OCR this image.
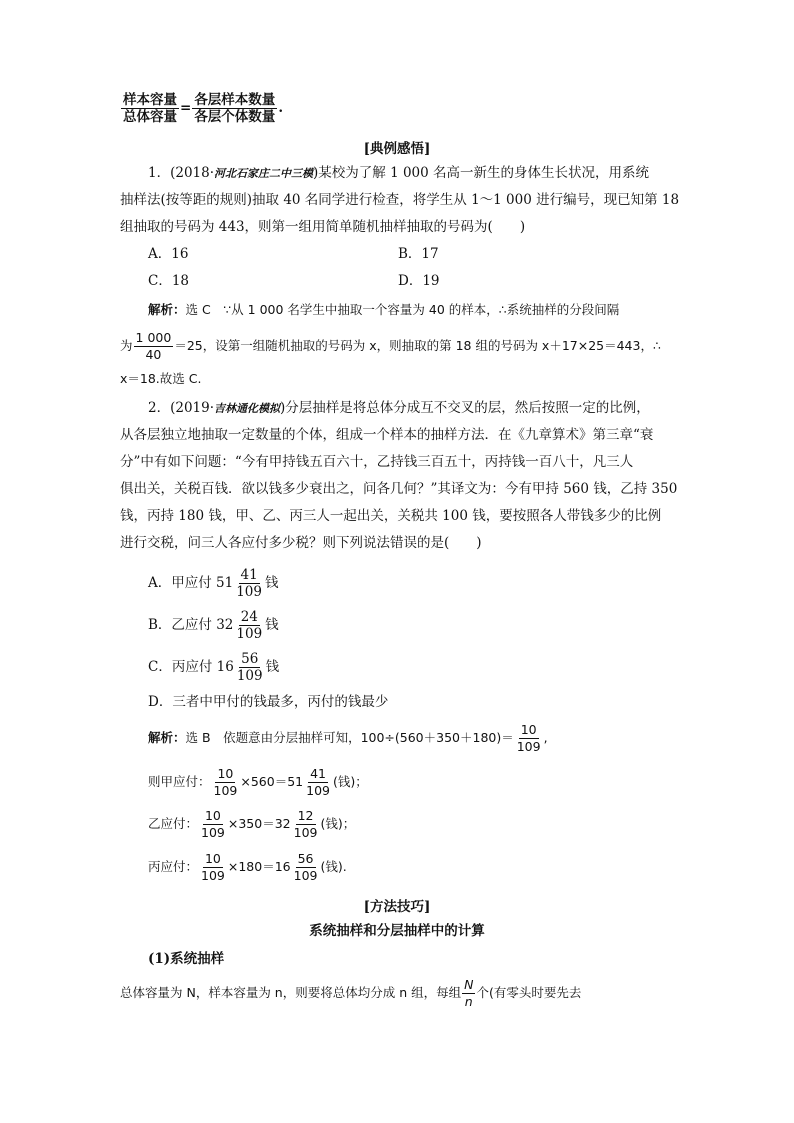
$\frac{\text{样本容量}}{\text{总体容量}} = \frac{\text{各层样本数量}}{\text{各层个体数量}}$ .
[典例感悟]
1．(2018·河北石家庄二中三模)某校为了解 1 000 名高一新生的身体生长状况，用系统
抽样法(按等距的规则)抽取 40 名同学进行检查，将学生从 1～1 000 进行编号，现已知第 18
组抽取的号码为 443，则第一组用简单随机抽样抽取的号码为(　　)
A．16	B．17
C．18	D．19
解析：选 C　∵从 1 000 名学生中抽取一个容量为 40 的样本，∴系统抽样的分段间隔
为 $\frac{1 000}{40} =25$，设第一组随机抽取的号码为 x，则抽取的第 18 组的号码为 x＋17×25＝443，∴
x＝18.故选 C.
2．(2019·吉林通化模拟)分层抽样是将总体分成互不交叉的层，然后按照一定的比例，
从各层独立地抽取一定数量的个体，组成一个样本的抽样方法．在《九章算术》第三章“衰
分”中有如下问题：“今有甲持钱五百六十，乙持钱三百五十，丙持钱一百八十，凡三人
俱出关，关税百钱．欲以钱多少衰出之，问各几何？”其译文为：今有甲持 560 钱，乙持 350
钱，丙持 180 钱，甲、乙、丙三人一起出关，关税共 100 钱，要按照各人带钱多少的比例
进行交税，问三人各应付多少税？则下列说法错误的是(　　)
A．甲应付 $51 \frac{41}{109}$ 钱
B．乙应付 $32 \frac{24}{109}$ 钱
C．丙应付 $16 \frac{56}{109}$ 钱
D．三者中甲付的钱最多，丙付的钱最少
解析：选 B　依题意由分层抽样可知，$100\div(560+350+180)= \frac{10}{109}$ ,
则甲应付： $\frac{10}{109} \times 560=51 \frac{41}{109}$ (钱)；
乙应付： $\frac{10}{109} \times 350=32 \frac{12}{109}$ (钱)；
丙应付： $\frac{10}{109} \times 180=16 \frac{56}{109}$ (钱).
[方法技巧]
系统抽样和分层抽样中的计算
(1)系统抽样
总体容量为 N，样本容量为 n，则要将总体均分成 n 组，每组 $\frac{N}{n}$ 个(有零头时要先去
